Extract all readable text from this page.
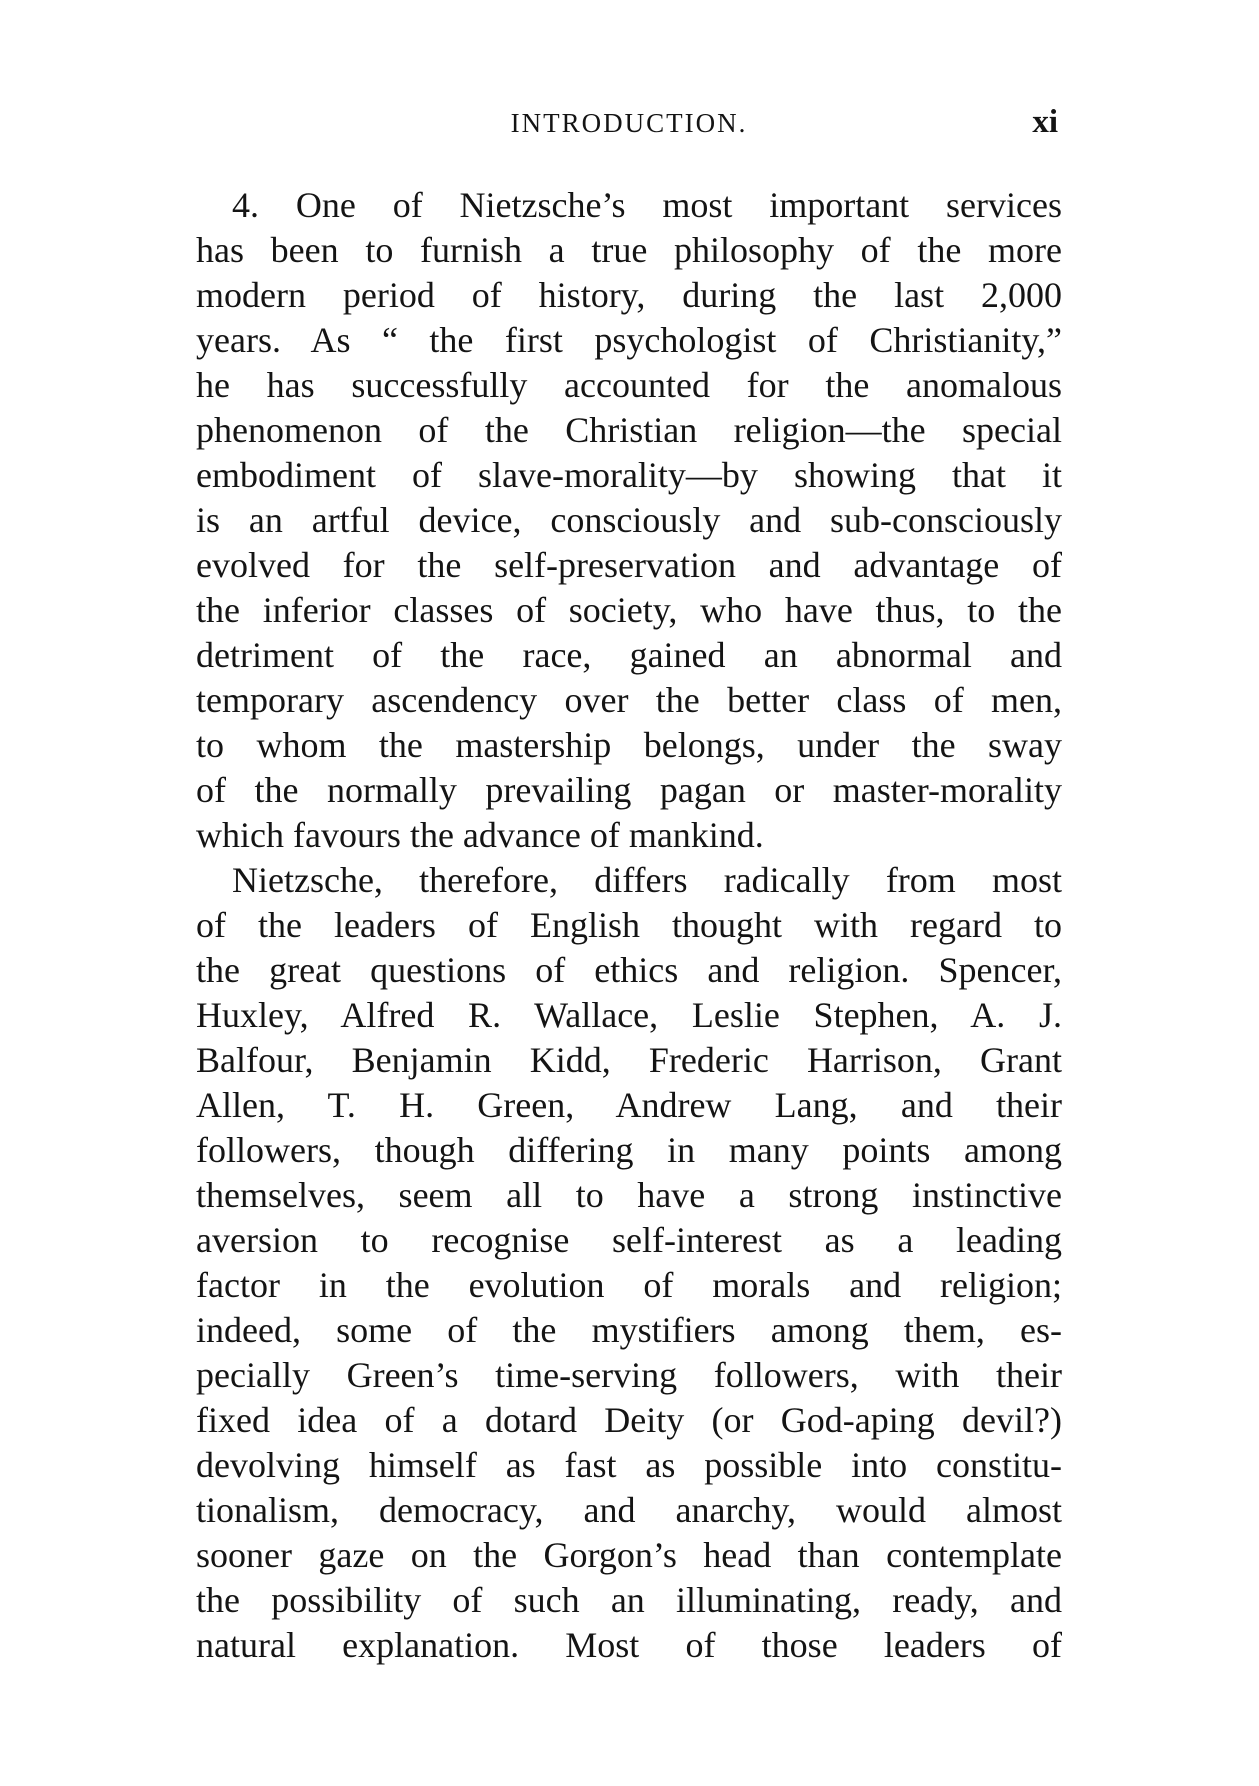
INTRODUCTION.	xi
4. One of Nietzsche’s most important services
has been to furnish a true philosophy of the more
modern period of history, during the last 2,000
years. As “ the first psychologist of Christianity,”
he has successfully accounted for the anomalous
phenomenon of the Christian religion—the special
embodiment of slave-morality—by showing that it
is an artful device, consciously and sub-consciously
evolved for the self-preservation and advantage of
the inferior classes of society, who have thus, to the
detriment of the race, gained an abnormal and
temporary ascendency over the better class of men,
to whom the mastership belongs, under the sway
of the normally prevailing pagan or master-morality
which favours the advance of mankind.
Nietzsche, therefore, differs radically from most
of the leaders of English thought with regard to
the great questions of ethics and religion. Spencer,
Huxley, Alfred R. Wallace, Leslie Stephen, A. J.
Balfour, Benjamin Kidd, Frederic Harrison, Grant
Allen, T. H. Green, Andrew Lang, and their
followers, though differing in many points among
themselves, seem all to have a strong instinctive
aversion to recognise self-interest as a leading
factor in the evolution of morals and religion;
indeed, some of the mystifiers among them, es-
pecially Green’s time-serving followers, with their
fixed idea of a dotard Deity (or God-aping devil?)
devolving himself as fast as possible into constitu-
tionalism, democracy, and anarchy, would almost
sooner gaze on the Gorgon’s head than contemplate
the possibility of such an illuminating, ready, and
natural explanation. Most of those leaders of
